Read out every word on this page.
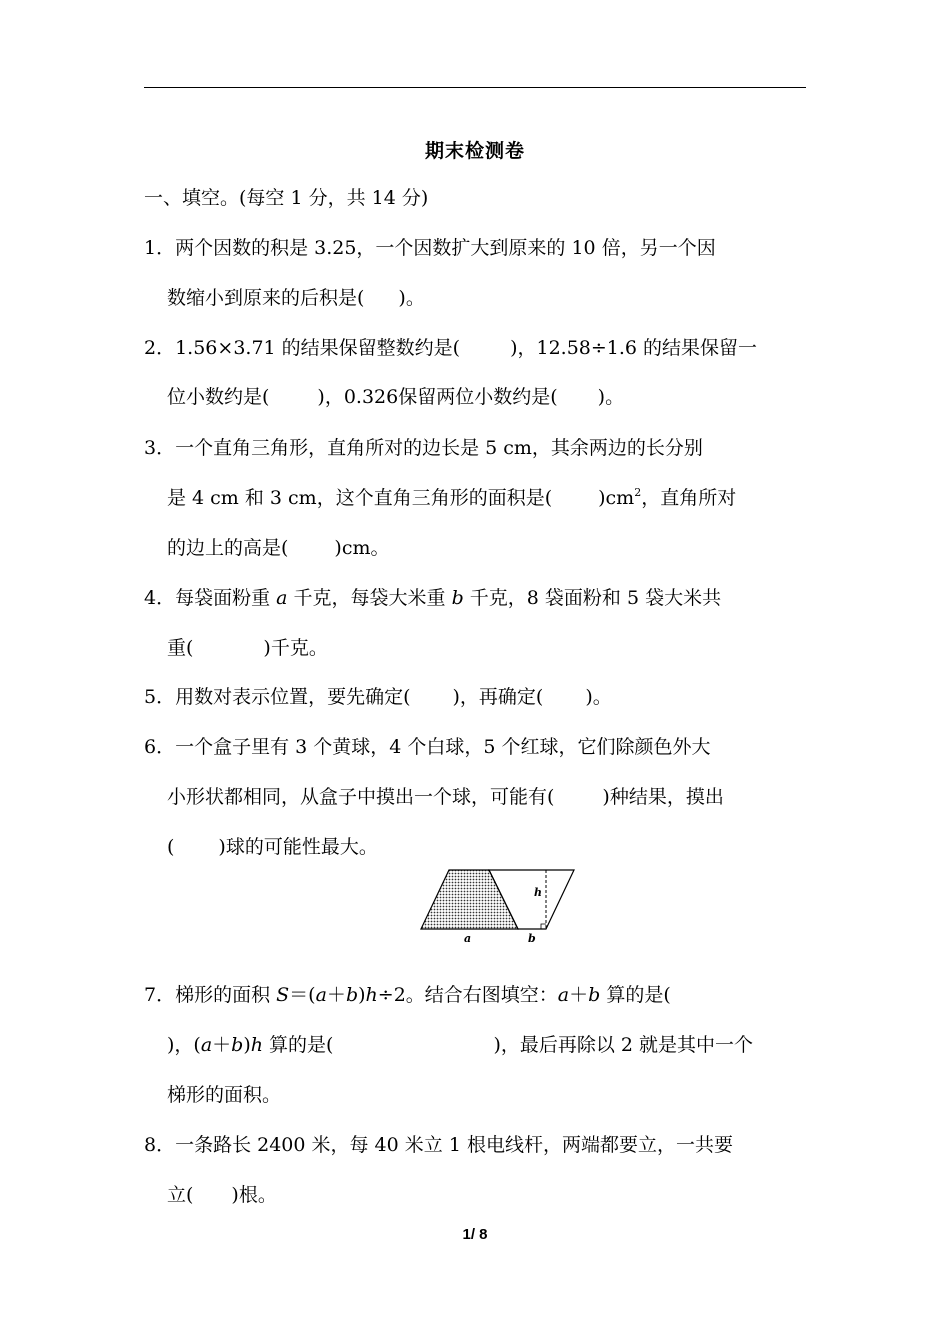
期末检测卷
一、填空。(每空 1 分，共 14 分)
1．两个因数的积是 3.25，一个因数扩大到原来的 10 倍，另一个因
数缩小到原来的后积是( )。
2．1.56×3.71 的结果保留整数约是(	)，12.58÷1.6 的结果保留一
位小数约是(	)，0.326保留两位小数约是( )。
3．一个直角三角形，直角所对的边长是 5 cm，其余两边的长分别
是 4 cm 和 3 cm，这个直角三角形的面积是( )$cm^2$，直角所对
的边上的高是( )cm。
4．每袋面粉重 a 千克，每袋大米重 b 千克，8 袋面粉和 5 袋大米共
重(	)千克。
5．用数对表示位置，要先确定( )，再确定( )。
6．一个盒子里有 3 个黄球，4 个白球，5 个红球，它们除颜色外大
小形状都相同，从盒子中摸出一个球，可能有(	)种结果，摸出
( )球的可能性最大。
h
a	b
7．梯形的面积 S＝(a＋b)h÷2。结合右图填空：a＋b 算的是(
)，(a＋b)h 算的是(	)，最后再除以 2 就是其中一个
梯形的面积。
8．一条路长 2400 米，每 40 米立 1 根电线杆，两端都要立，一共要
立( )根。
1/ 8
